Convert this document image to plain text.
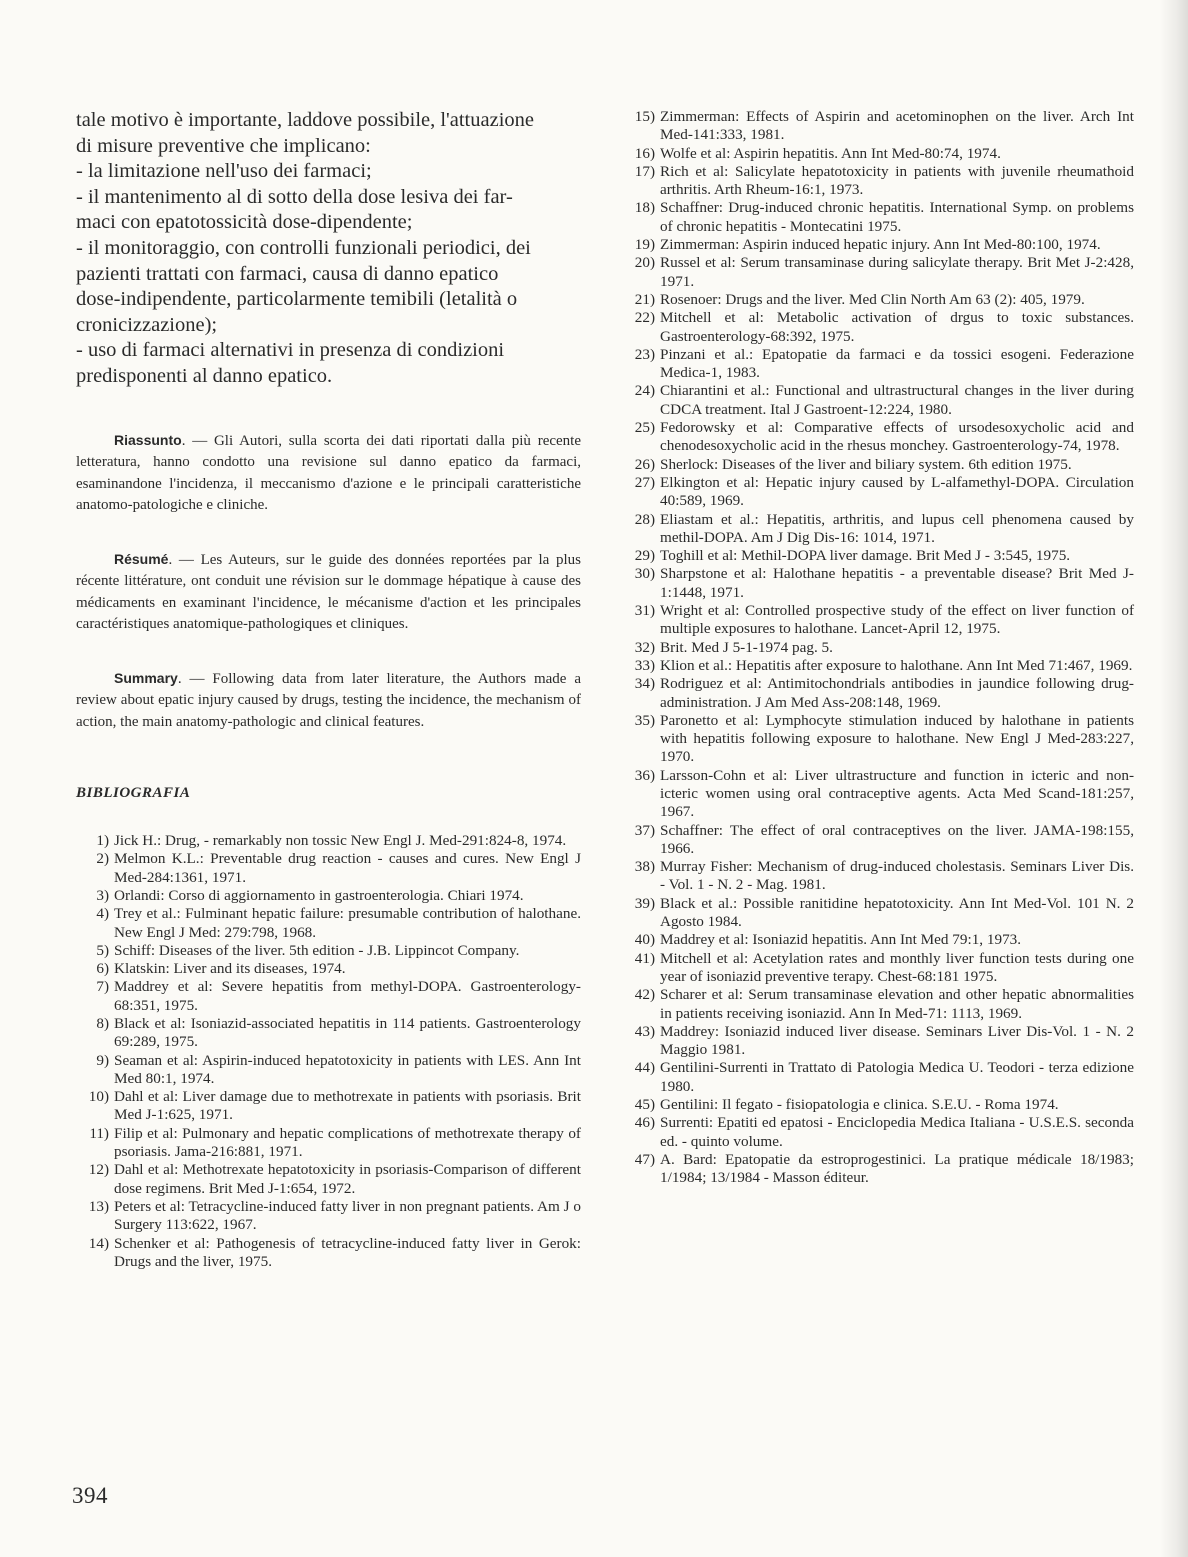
tale motivo è importante, laddove possibile, l'attuazione
di misure preventive che implicano:
- la limitazione nell'uso dei farmaci;
- il mantenimento al di sotto della dose lesiva dei far-
maci con epatotossicità dose-dipendente;
- il monitoraggio, con controlli funzionali periodici, dei
pazienti trattati con farmaci, causa di danno epatico
dose-indipendente, particolarmente temibili (letalità o
cronicizzazione);
- uso di farmaci alternativi in presenza di condizioni
predisponenti al danno epatico.

Riassunto. — Gli Autori, sulla scorta dei dati riportati dalla più recente letteratura, hanno condotto una revisione sul danno epatico da farmaci, esaminandone l'incidenza, il meccanismo d'azione e le principali caratteristiche anatomo-patologiche e cliniche.

Résumé. — Les Auteurs, sur le guide des données reportées par la plus récente littérature, ont conduit une révision sur le dommage hépatique à cause des médicaments en examinant l'incidence, le mécanisme d'action et les principales caractéristiques anatomique-pathologiques et cliniques.

Summary. — Following data from later literature, the Authors made a review about epatic injury caused by drugs, testing the incidence, the mechanism of action, the main anatomy-pathologic and clinical features.

BIBLIOGRAFIA
1) Jick H.: Drug, - remarkably non tossic New Engl J. Med-291:824-8, 1974.
2) Melmon K.L.: Preventable drug reaction - causes and cures. New Engl J Med-284:1361, 1971.
3) Orlandi: Corso di aggiornamento in gastroenterologia. Chiari 1974.
4) Trey et al.: Fulminant hepatic failure: presumable contribution of halothane. New Engl J Med: 279:798, 1968.
5) Schiff: Diseases of the liver. 5th edition - J.B. Lippincot Company.
6) Klatskin: Liver and its diseases, 1974.
7) Maddrey et al: Severe hepatitis from methyl-DOPA. Gastroenterology-68:351, 1975.
8) Black et al: Isoniazid-associated hepatitis in 114 patients. Gastroenterology 69:289, 1975.
9) Seaman et al: Aspirin-induced hepatotoxicity in patients with LES. Ann Int Med 80:1, 1974.
10) Dahl et al: Liver damage due to methotrexate in patients with psoriasis. Brit Med J-1:625, 1971.
11) Filip et al: Pulmonary and hepatic complications of methotrexate therapy of psoriasis. Jama-216:881, 1971.
12) Dahl et al: Methotrexate hepatotoxicity in psoriasis-Comparison of different dose regimens. Brit Med J-1:654, 1972.
13) Peters et al: Tetracycline-induced fatty liver in non pregnant patients. Am J o Surgery 113:622, 1967.
14) Schenker et al: Pathogenesis of tetracycline-induced fatty liver in Gerok: Drugs and the liver, 1975.
15) Zimmerman: Effects of Aspirin and acetominophen on the liver. Arch Int Med-141:333, 1981.
16) Wolfe et al: Aspirin hepatitis. Ann Int Med-80:74, 1974.
17) Rich et al: Salicylate hepatotoxicity in patients with juvenile rheumathoid arthritis. Arth Rheum-16:1, 1973.
18) Schaffner: Drug-induced chronic hepatitis. International Symp. on problems of chronic hepatitis - Montecatini 1975.
19) Zimmerman: Aspirin induced hepatic injury. Ann Int Med-80:100, 1974.
20) Russel et al: Serum transaminase during salicylate therapy. Brit Met J-2:428, 1971.
21) Rosenoer: Drugs and the liver. Med Clin North Am 63 (2): 405, 1979.
22) Mitchell et al: Metabolic activation of drgus to toxic substances. Gastroenterology-68:392, 1975.
23) Pinzani et al.: Epatopatie da farmaci e da tossici esogeni. Federazione Medica-1, 1983.
24) Chiarantini et al.: Functional and ultrastructural changes in the liver during CDCA treatment. Ital J Gastroent-12:224, 1980.
25) Fedorowsky et al: Comparative effects of ursodesoxycholic acid and chenodesoxycholic acid in the rhesus monchey. Gastroenterology-74, 1978.
26) Sherlock: Diseases of the liver and biliary system. 6th edition 1975.
27) Elkington et al: Hepatic injury caused by L-alfamethyl-DOPA. Circulation 40:589, 1969.
28) Eliastam et al.: Hepatitis, arthritis, and lupus cell phenomena caused by methil-DOPA. Am J Dig Dis-16: 1014, 1971.
29) Toghill et al: Methil-DOPA liver damage. Brit Med J - 3:545, 1975.
30) Sharpstone et al: Halothane hepatitis - a preventable disease? Brit Med J-1:1448, 1971.
31) Wright et al: Controlled prospective study of the effect on liver function of multiple exposures to halothane. Lancet-April 12, 1975.
32) Brit. Med J 5-1-1974 pag. 5.
33) Klion et al.: Hepatitis after exposure to halothane. Ann Int Med 71:467, 1969.
34) Rodriguez et al: Antimitochondrials antibodies in jaundice following drug-administration. J Am Med Ass-208:148, 1969.
35) Paronetto et al: Lymphocyte stimulation induced by halothane in patients with hepatitis following exposure to halothane. New Engl J Med-283:227, 1970.
36) Larsson-Cohn et al: Liver ultrastructure and function in icteric and non-icteric women using oral contraceptive agents. Acta Med Scand-181:257, 1967.
37) Schaffner: The effect of oral contraceptives on the liver. JAMA-198:155, 1966.
38) Murray Fisher: Mechanism of drug-induced cholestasis. Seminars Liver Dis. - Vol. 1 - N. 2 - Mag. 1981.
39) Black et al.: Possible ranitidine hepatotoxicity. Ann Int Med-Vol. 101 N. 2 Agosto 1984.
40) Maddrey et al: Isoniazid hepatitis. Ann Int Med 79:1, 1973.
41) Mitchell et al: Acetylation rates and monthly liver function tests during one year of isoniazid preventive terapy. Chest-68:181 1975.
42) Scharer et al: Serum transaminase elevation and other hepatic abnormalities in patients receiving isoniazid. Ann In Med-71: 1113, 1969.
43) Maddrey: Isoniazid induced liver disease. Seminars Liver Dis-Vol. 1 - N. 2 Maggio 1981.
44) Gentilini-Surrenti in Trattato di Patologia Medica U. Teodori - terza edizione 1980.
45) Gentilini: Il fegato - fisiopatologia e clinica. S.E.U. - Roma 1974.
46) Surrenti: Epatiti ed epatosi - Enciclopedia Medica Italiana - U.S.E.S. seconda ed. - quinto volume.
47) A. Bard: Epatopatie da estroprogestinici. La pratique médicale 18/1983; 1/1984; 13/1984 - Masson éditeur.
394
